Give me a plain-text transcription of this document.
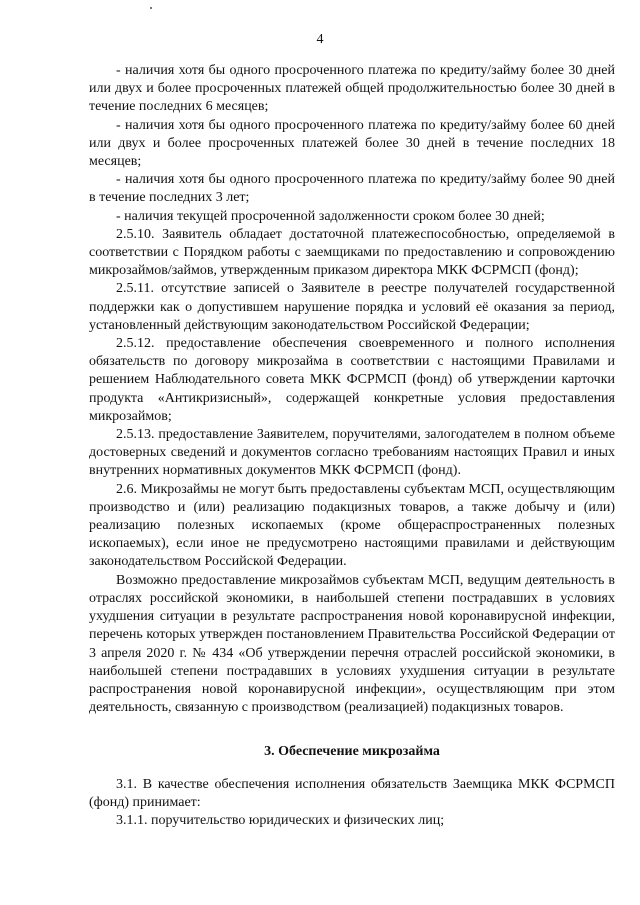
4

- наличия хотя бы одного просроченного платежа по кредиту/займу более 30 дней или двух и более просроченных платежей общей продолжительностью более 30 дней в течение последних 6 месяцев;

- наличия хотя бы одного просроченного платежа по кредиту/займу более 60 дней или двух и более просроченных платежей более 30 дней в течение последних 18 месяцев;

- наличия хотя бы одного просроченного платежа по кредиту/займу более 90 дней в течение последних 3 лет;

- наличия текущей просроченной задолженности сроком более 30 дней;

2.5.10. Заявитель обладает достаточной платежеспособностью, определяемой в соответствии с Порядком работы с заемщиками по предоставлению и сопровождению микрозаймов/займов, утвержденным приказом директора МКК ФСРМСП (фонд);

2.5.11. отсутствие записей о Заявителе в реестре получателей государственной поддержки как о допустившем нарушение порядка и условий её оказания за период, установленный действующим законодательством Российской Федерации;

2.5.12. предоставление обеспечения своевременного и полного исполнения обязательств по договору микрозайма в соответствии с настоящими Правилами и решением Наблюдательного совета МКК ФСРМСП (фонд) об утверждении карточки продукта «Антикризисный», содержащей конкретные условия предоставления микрозаймов;

2.5.13. предоставление Заявителем, поручителями, залогодателем в полном объеме достоверных сведений и документов согласно требованиям настоящих Правил и иных внутренних нормативных документов МКК ФСРМСП (фонд).

2.6. Микрозаймы не могут быть предоставлены субъектам МСП, осуществляющим производство и (или) реализацию подакцизных товаров, а также добычу и (или) реализацию полезных ископаемых (кроме общераспространенных полезных ископаемых), если иное не предусмотрено настоящими правилами и действующим законодательством Российской Федерации.

Возможно предоставление микрозаймов субъектам МСП, ведущим деятельность в отраслях российской экономики, в наибольшей степени пострадавших в условиях ухудшения ситуации в результате распространения новой коронавирусной инфекции, перечень которых утвержден постановлением Правительства Российской Федерации от 3 апреля 2020 г. № 434 «Об утверждении перечня отраслей российской экономики, в наибольшей степени пострадавших в условиях ухудшения ситуации в результате распространения новой коронавирусной инфекции», осуществляющим при этом деятельность, связанную с производством (реализацией) подакцизных товаров.

3. Обеспечение микрозайма

3.1. В качестве обеспечения исполнения обязательств Заемщика МКК ФСРМСП (фонд) принимает:

3.1.1. поручительство юридических и физических лиц;
